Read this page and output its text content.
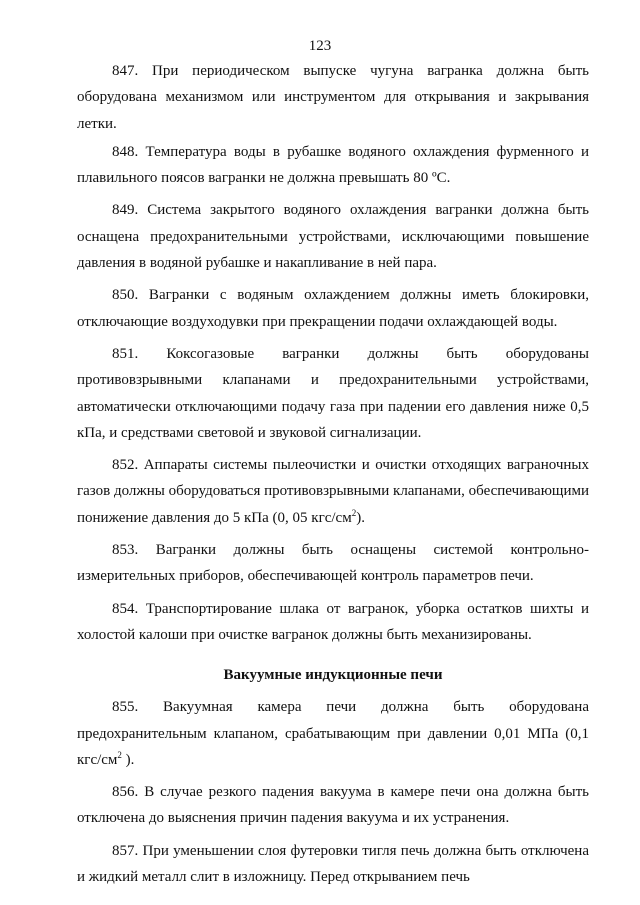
123

847. При периодическом выпуске чугуна вагранка должна быть оборудована механизмом или инструментом для открывания и закрывания летки.

848. Температура воды в рубашке водяного охлаждения фурменного и плавильного поясов вагранки не должна превышать 80 ºС.

849. Система закрытого водяного охлаждения вагранки должна быть оснащена предохранительными устройствами, исключающими повышение давления в водяной рубашке и накапливание в ней пара.

850. Вагранки с водяным охлаждением должны иметь блокировки, отключающие воздуходувки при прекращении подачи охлаждающей воды.

851. Коксогазовые вагранки должны быть оборудованы противовзрывными клапанами и предохранительными устройствами, автоматически отключающими подачу газа при падении его давления ниже 0,5 кПа, и средствами световой и звуковой сигнализации.

852. Аппараты системы пылеочистки и очистки отходящих ваграночных газов должны оборудоваться противовзрывными клапанами, обеспечивающими понижение давления до 5 кПа (0, 05 кгс/$см^2$).

853. Вагранки должны быть оснащены системой контрольно-измерительных приборов, обеспечивающей контроль параметров печи.

854. Транспортирование шлака от вагранок, уборка остатков шихты и холостой калоши при очистке вагранок должны быть механизированы.

Вакуумные индукционные печи

855. Вакуумная камера печи должна быть оборудована предохранительным клапаном, срабатывающим при давлении 0,01 МПа (0,1 кгс/$см^2$ ).

856. В случае резкого падения вакуума в камере печи она должна быть отключена до выяснения причин падения вакуума и их устранения.

857. При уменьшении слоя футеровки тигля печь должна быть отключена и жидкий металл слит в изложницу. Перед открыванием печь
